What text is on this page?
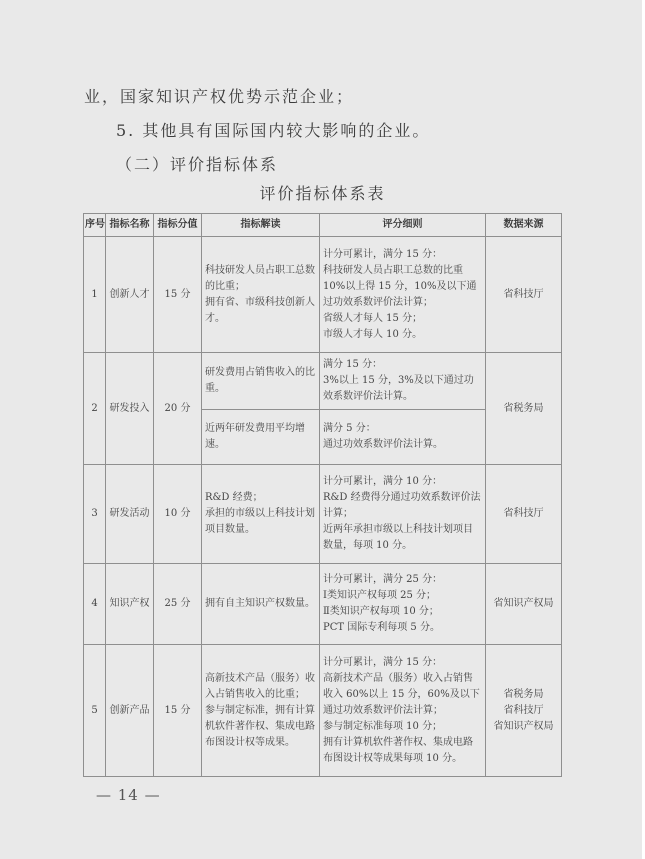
业，国家知识产权优势示范企业；
5. 其他具有国际国内较大影响的企业。
（二）评价指标体系
评价指标体系表
序号	指标名称	指标分值	指标解读	评分细则	数据来源
1	创新人才	15 分	科技研发人员占职工总数的比重；
拥有省、市级科技创新人才。	计分可累计，满分 15 分：
科技研发人员占职工总数的比重 10%以上得 15 分，10%及以下通过功效系数评价法计算；
省级人才每人 15 分；
市级人才每人 10 分。	省科技厅
2	研发投入	20 分	研发费用占销售收入的比重。	满分 15 分：
3%以上 15 分，3%及以下通过功效系数评价法计算。	省税务局
			近两年研发费用平均增速。	满分 5 分：
通过功效系数评价法计算。	
3	研发活动	10 分	R&D 经费；
承担的市级以上科技计划项目数量。	计分可累计，满分 10 分：
R&D 经费得分通过功效系数评价法计算；
近两年承担市级以上科技计划项目数量，每项 10 分。	省科技厅
4	知识产权	25 分	拥有自主知识产权数量。	计分可累计，满分 25 分：
Ⅰ类知识产权每项 25 分；
Ⅱ类知识产权每项 10 分；
PCT 国际专利每项 5 分。	省知识产权局
5	创新产品	15 分	高新技术产品（服务）收入占销售收入的比重；
参与制定标准，拥有计算机软件著作权、集成电路布图设计权等成果。	计分可累计，满分 15 分：
高新技术产品（服务）收入占销售收入 60%以上 15 分，60%及以下通过功效系数评价法计算；
参与制定标准每项 10 分；
拥有计算机软件著作权、集成电路布图设计权等成果每项 10 分。	省税务局
省科技厅
省知识产权局
— 14 —
